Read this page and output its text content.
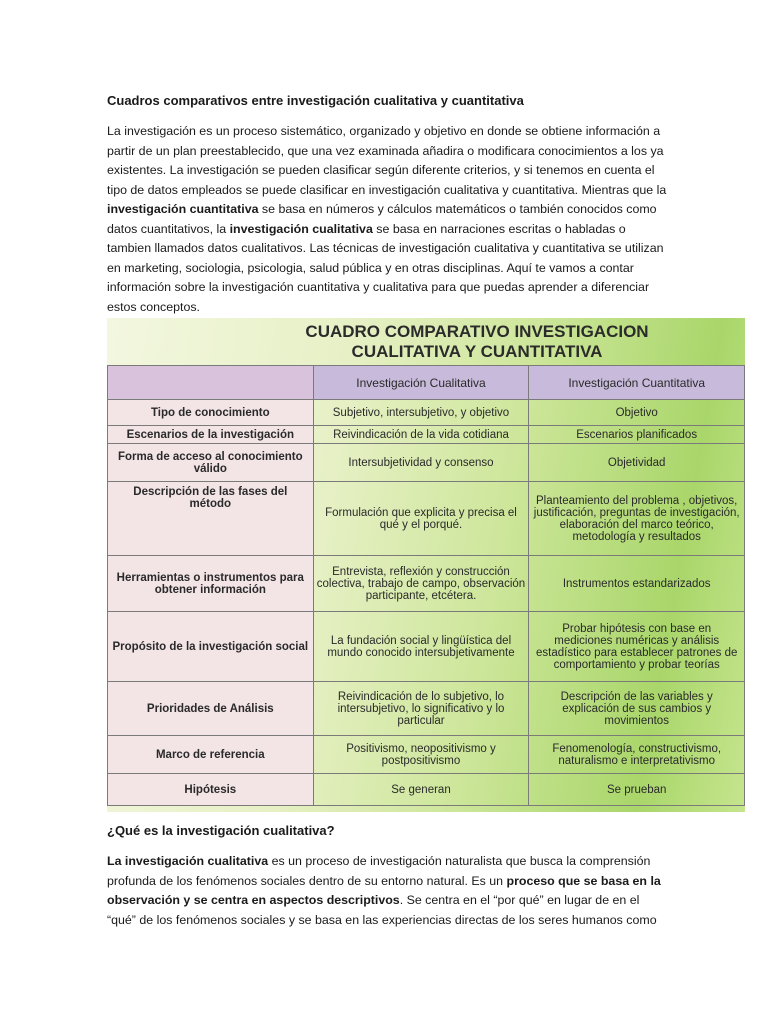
Cuadros comparativos entre investigación cualitativa y cuantitativa

La investigación es un proceso sistemático, organizado y objetivo en donde se obtiene información a partir de un plan preestablecido, que una vez examinada añadira o modificara conocimientos a los ya existentes. La investigación se pueden clasificar según diferente criterios, y si tenemos en cuenta el tipo de datos empleados se puede clasificar en investigación cualitativa y cuantitativa. Mientras que la investigación cuantitativa se basa en números y cálculos matemáticos o también conocidos como datos cuantitativos, la investigación cualitativa se basa en narraciones escritas o habladas o tambien llamados datos cualitativos. Las técnicas de investigación cualitativa y cuantitativa se utilizan en marketing, sociologia, psicologia, salud pública y en otras disciplinas. Aquí te vamos a contar información sobre la investigación cuantitativa y cualitativa para que puedas aprender a diferenciar estos conceptos.

CUADRO COMPARATIVO INVESTIGACION
CUALITATIVA Y CUANTITATIVA

	Investigación Cualitativa	Investigación Cuantitativa
Tipo de conocimiento	Subjetivo, intersubjetivo, y objetivo	Objetivo
Escenarios de la investigación	Reivindicación de la vida cotidiana	Escenarios planificados
Forma de acceso al conocimiento válido	Intersubjetividad y consenso	Objetividad
Descripción de las fases del método	Formulación que explicita y precisa el qué y el porqué.	Planteamiento del problema , objetivos, justificación, preguntas de investigación, elaboración del marco teórico, metodología y resultados
Herramientas o instrumentos para obtener información	Entrevista, reflexión y construcción colectiva, trabajo de campo, observación participante, etcétera.	Instrumentos estandarizados
Propósito de la investigación social	La fundación social y lingüística del mundo conocido intersubjetivamente	Probar hipótesis con base en mediciones numéricas y análisis estadístico para establecer patrones de comportamiento y probar teorías
Prioridades de Análisis	Reivindicación de lo subjetivo, lo intersubjetivo, lo significativo y lo particular	Descripción de las variables y explicación de sus cambios y movimientos
Marco de referencia	Positivismo, neopositivismo y postpositivismo	Fenomenología, constructivismo, naturalismo e interpretativismo
Hipótesis	Se generan	Se prueban
¿Qué es la investigación cualitativa?

La investigación cualitativa es un proceso de investigación naturalista que busca la comprensión profunda de los fenómenos sociales dentro de su entorno natural. Es un proceso que se basa en la observación y se centra en aspectos descriptivos. Se centra en el “por qué” en lugar de en el “qué” de los fenómenos sociales y se basa en las experiencias directas de los seres humanos como
